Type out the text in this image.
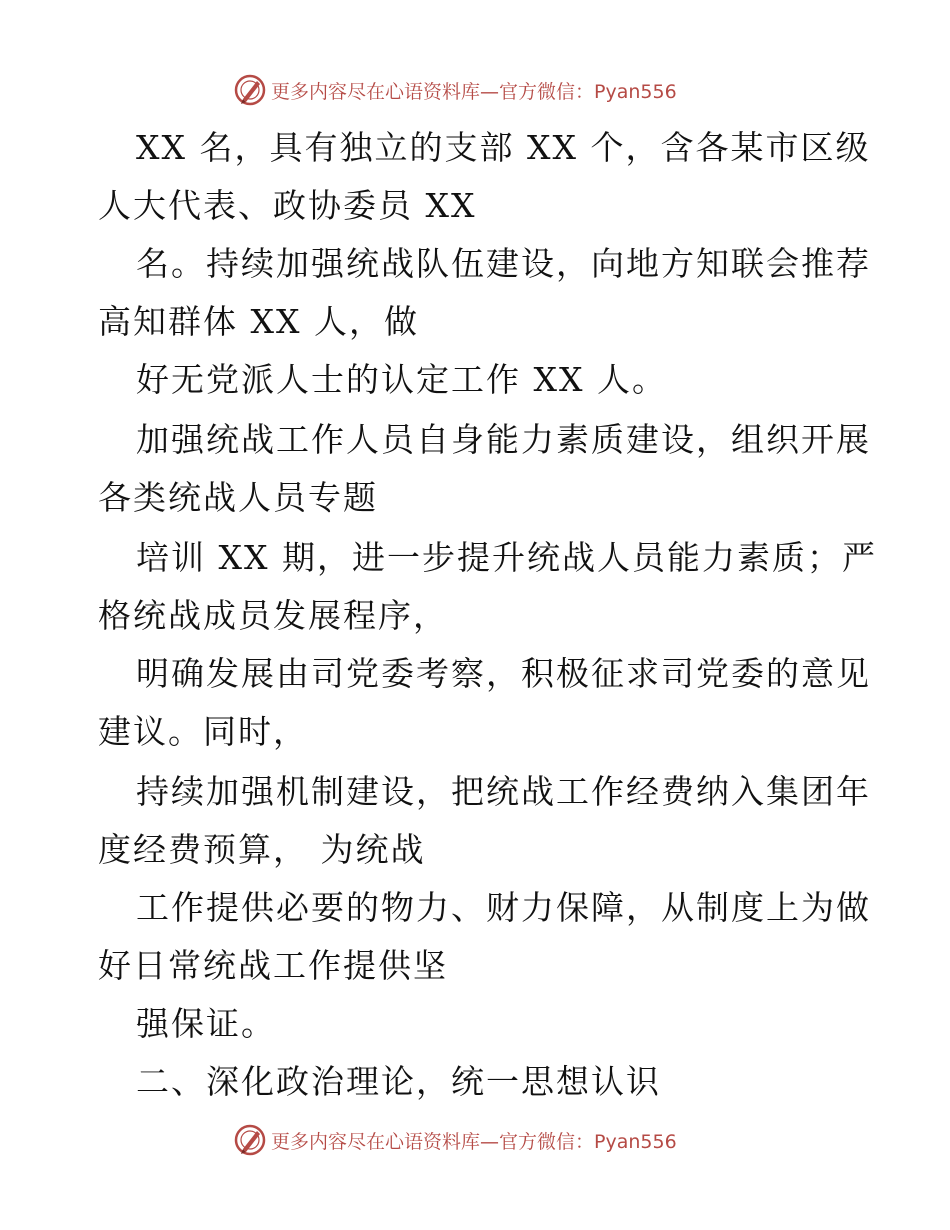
更多内容尽在心语资料库—官方微信：Pyan556
XX 名，具有独立的支部 XX 个，含各某市区级
人大代表、政协委员 XX
名。持续加强统战队伍建设，向地方知联会推荐
高知群体 XX 人，做
好无党派人士的认定工作 XX 人。
加强统战工作人员自身能力素质建设，组织开展
各类统战人员专题
培训 XX 期，进一步提升统战人员能力素质；严
格统战成员发展程序，
明确发展由司党委考察，积极征求司党委的意见
建议。同时，
持续加强机制建设，把统战工作经费纳入集团年
度经费预算， 为统战
工作提供必要的物力、财力保障，从制度上为做
好日常统战工作提供坚
强保证。
二、深化政治理论，统一思想认识
更多内容尽在心语资料库—官方微信：Pyan556
